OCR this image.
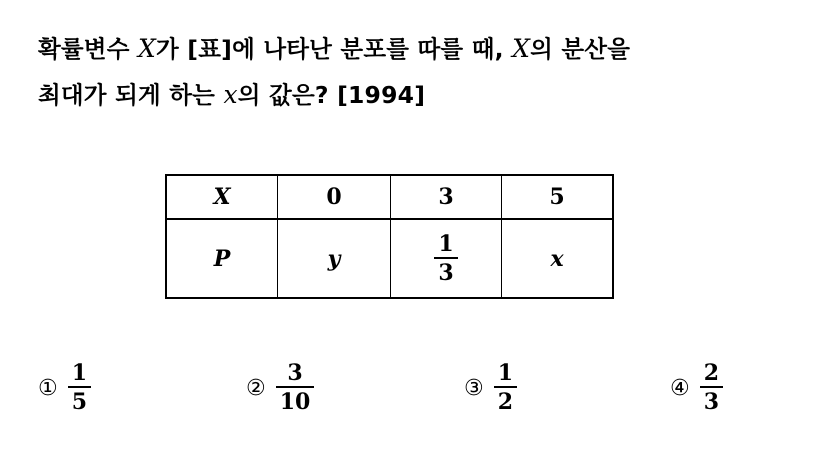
확률변수 X가 [표]에 나타난 분포를 따를 때, X의 분산을
최대가 되게 하는 x의 값은? [1994]
X	0	3	5
P	y	$\frac{1}{3}$	x
① $\frac{1}{5}$	② $\frac{3}{10}$	③ $\frac{1}{2}$	④ $\frac{2}{3}$
